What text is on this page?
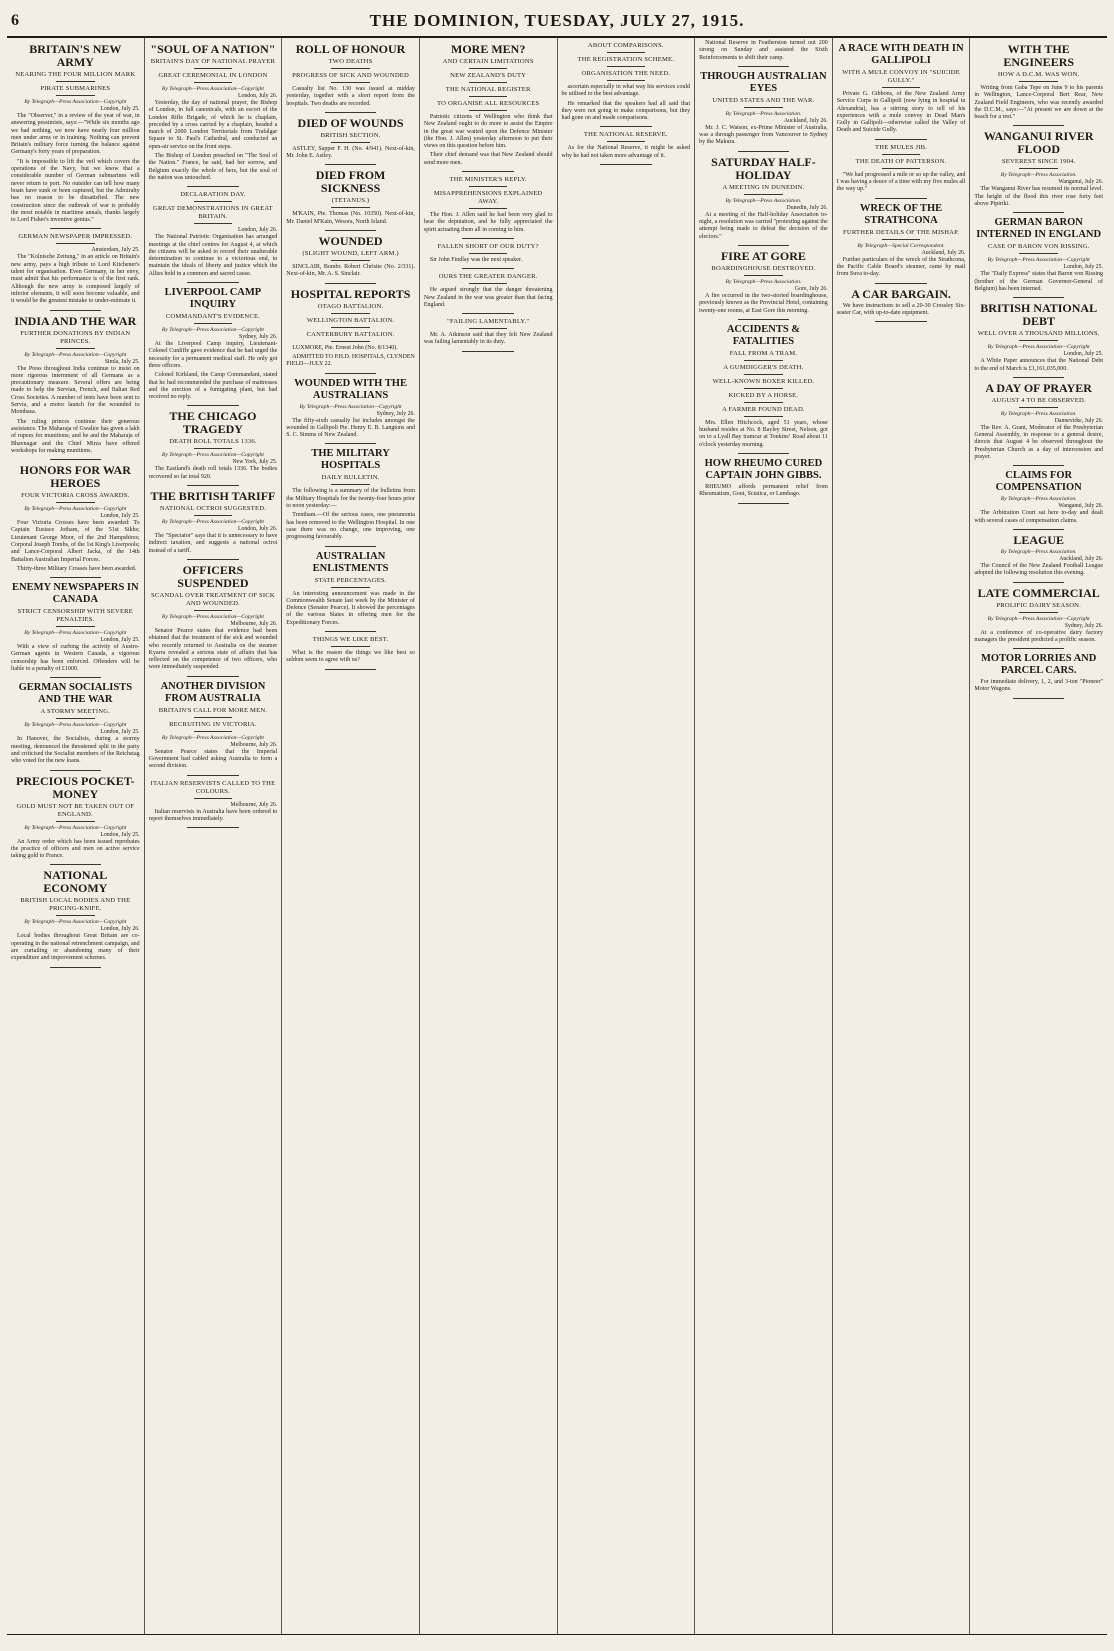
6	THE DOMINION, TUESDAY, JULY 27, 1915.
BRITAIN'S NEW ARMY
NEARING THE FOUR MILLION MARK
PIRATE SUBMARINES
By Telegraph—Press Association—Copyright
London, July 25.

The "Observer," in a review of the year of war, in answering pessimists, says:—"While six months ago we had nothing, we now have nearly four million men under arms or in training. Nothing can prevent Britain's military force turning the balance against Germany's forty years of preparation.

"It is impossible to lift the veil which covers the operations of the Navy, but we know that a considerable number of German submarines will never return to port. No outsider can tell how many boats have sunk or been captured, but the Admiralty has no reason to be dissatisfied. The new construction since the outbreak of war is probably the most notable in maritime annals, thanks largely to Lord Fisher's inventive genius."

GERMAN NEWSPAPER IMPRESSED.
Amsterdam, July 25.

The "Kolnische Zeitung," in an article on Britain's new army, pays a high tribute to Lord Kitchener's talent for organisation. Even Germany, in her envy, must admit that his performance is of the first rank. Although the new army is composed largely of inferior elements, it will soon become valuable, and it would be the greatest mistake to under-estimate it.

INDIA AND THE WAR
FURTHER DONATIONS BY INDIAN PRINCES.
By Telegraph—Press Association—Copyright
Simla, July 25.

The Press throughout India continue to insist on more rigorous internment of all Germans as a precautionary measure. Several offers are being made to help the Servian, French, and Italian Red Cross Societies. A number of tents have been sent to Servia, and a motor launch for the wounded to Mombasa.

The ruling princes continue their generous assistance. The Maharaja of Gwalior has given a lakh of rupees for munitions; and he and the Maharaja of Bhavnagar and the Chief Mirza have offered workshops for making munitions.

HONORS FOR WAR HEROES
FOUR VICTORIA CROSS AWARDS.
By Telegraph—Press Association—Copyright
London, July 25.

Four Victoria Crosses have been awarded: To Captain Eustace Jotham, of the 51st Sikhs; Lieutenant George Moor, of the 2nd Hampshires; Corporal Joseph Tombs, of the 1st King's Liverpools; and Lance-Corporal Albert Jacka, of the 14th Battalion Australian Imperial Forces.

Thirty-three Military Crosses have been awarded.

ENEMY NEWSPAPERS IN CANADA
STRICT CENSORSHIP WITH SEVERE PENALTIES.
By Telegraph—Press Association—Copyright
London, July 25.

With a view of curbing the activity of Austro-German agents in Western Canada, a vigorous censorship has been enforced. Offenders will be liable to a penalty of £1000.

GERMAN SOCIALISTS AND THE WAR
A STORMY MEETING.
By Telegraph—Press Association—Copyright
London, July 25.

In Hanover, the Socialists, during a stormy meeting, denounced the threatened split in the party and criticised the Socialist members of the Reichstag who voted for the new loans.

PRECIOUS POCKET-MONEY
GOLD MUST NOT BE TAKEN OUT OF ENGLAND.
By Telegraph—Press Association—Copyright
London, July 25.

An Army order which has been issued reprobates the practice of officers and men on active service taking gold to France.

NATIONAL ECONOMY
BRITISH LOCAL BODIES AND THE PRICING-KNIFE.
By Telegraph—Press Association—Copyright
London, July 26.

Local bodies throughout Great Britain are co-operating in the national retrenchment campaign, and are curtailing or abandoning many of their expenditure and improvement schemes.

"SOUL OF A NATION"
BRITAIN'S DAY OF NATIONAL PRAYER
GREAT CEREMONIAL IN LONDON
By Telegraph—Press Association—Copyright
London, July 26.

Yesterday, the day of national prayer, the Bishop of London, in full canonicals, with an escort of the London Rifle Brigade, of which he is chaplain, preceded by a cross carried by a chaplain, headed a march of 2000 London Territorials from Trafalgar Square to St. Paul's Cathedral, and conducted an open-air service on the front steps.

The Bishop of London preached on "The Soul of the Nation." France, he said, had her sorrow, and Belgium exactly the whole of hers, but the soul of the nation was untouched.

DECLARATION DAY.
GREAT DEMONSTRATIONS IN GREAT BRITAIN.
London, July 26.

The National Patriotic Organisation has arranged meetings at the chief centres for August 4, at which the citizens will be asked to record their unalterable determination to continue to a victorious end, to maintain the ideals of liberty and justice which the Allies hold in a common and sacred cause.

LIVERPOOL CAMP INQUIRY
COMMANDANT'S EVIDENCE.
By Telegraph—Press Association—Copyright
Sydney, July 26.

At the Liverpool Camp inquiry, Lieutenant-Colonel Cunliffe gave evidence that he had urged the necessity for a permanent medical staff. He only got three officers.

Colonel Kirkland, the Camp Commandant, stated that he had recommended the purchase of mattresses and the erection of a fumigating plant, but had received no reply.

THE CHICAGO TRAGEDY
DEATH ROLL TOTALS 1336.
By Telegraph—Press Association—Copyright
New York, July 25.

The Eastland's death roll totals 1336. The bodies recovered so far total 920.

THE BRITISH TARIFF
NATIONAL OCTROI SUGGESTED.
By Telegraph—Press Association—Copyright
London, July 26.

The "Spectator" says that it is unnecessary to have indirect taxation, and suggests a national octroi instead of a tariff.

OFFICERS SUSPENDED
SCANDAL OVER TREATMENT OF SICK AND WOUNDED.
By Telegraph—Press Association—Copyright
Melbourne, July 26.

Senator Pearce states that evidence had been obtained that the treatment of the sick and wounded who recently returned to Australia on the steamer Kyarra revealed a serious state of affairs that has reflected on the competence of two officers, who were immediately suspended.

ANOTHER DIVISION FROM AUSTRALIA
BRITAIN'S CALL FOR MORE MEN.
RECRUITING IN VICTORIA.
By Telegraph—Press Association—Copyright
Melbourne, July 26.

Senator Pearce states that the Imperial Government had cabled asking Australia to form a second division.

ITALIAN RESERVISTS CALLED TO THE COLOURS.
Melbourne, July 26.

Italian reservists in Australia have been ordered to report themselves immediately.

ROLL OF HONOUR
TWO DEATHS
PROGRESS OF SICK AND WOUNDED

Casualty list No. 130 was issued at midday yesterday, together with a short report from the hospitals. Two deaths are recorded.

DIED OF WOUNDS
BRITISH SECTION.

ASTLEY, Sapper F. H. (No. 4/941). Next-of-kin, Mr. John E. Astley.

DIED FROM SICKNESS
(TETANUS.)

M'KAIN, Pte. Thomas (No. 10350). Next-of-kin, Mr. Daniel M'Kain, Wesora, North Island.

WOUNDED
(SLIGHT WOUND, LEFT ARM.)

SINCLAIR, Bombr. Robert Christie (No. 2/331). Next-of-kin, Mr. A. S. Sinclair.

HOSPITAL REPORTS
OTAGO BATTALION.
WELLINGTON BATTALION.
CANTERBURY BATTALION.

LUXMORE, Pte. Ernest John (No. 8/1340).

ADMITTED TO P.H.D. HOSPITALS, CLYNDEN FIELD—JULY 22.

WOUNDED WITH THE AUSTRALIANS
By Telegraph—Press Association—Copyright
Sydney, July 26.

The fifty-sixth casualty list includes amongst the wounded in Gallipoli Pte. Henry E. B. Langtons and S. C. Simms of New Zealand.

THE MILITARY HOSPITALS
DAILY BULLETIN.

The following is a summary of the bulletins from the Military Hospitals for the twenty-four hours prior to noon yesterday:—

Trentham.—Of the serious cases, one pneumonia has been removed to the Wellington Hospital. In one case there was no change, one improving, one progressing favourably.

AUSTRALIAN ENLISTMENTS
STATE PERCENTAGES.

An interesting announcement was made in the Commonwealth Senate last week by the Minister of Defence (Senator Pearce). It showed the percentages of the various States in offering men for the Expeditionary Forces.

THINGS WE LIKE BEST.

What is the reason the things we like best so seldom seem to agree with us?

MORE MEN?
AND CERTAIN LIMITATIONS
NEW ZEALAND'S DUTY
THE NATIONAL REGISTER
TO ORGANISE ALL RESOURCES

Patriotic citizens of Wellington who think that New Zealand ought to do more to assist the Empire in the great war waited upon the Defence Minister (the Hon. J. Allen) yesterday afternoon to put their views on this question before him.

Their chief demand was that New Zealand should send more men.

THE MINISTER'S REPLY.
MISAPPREHENSIONS EXPLAINED AWAY.

The Hon. J. Allen said he had been very glad to hear the deputation, and he fully appreciated the spirit actuating them all in coming to him.

FALLEN SHORT OF OUR DUTY?

Sir John Findlay was the next speaker.

OURS THE GREATER DANGER.

He argued strongly that the danger threatening New Zealand in the war was greater than that facing England.

"FAILING LAMENTABLY."

Mr. A. Atkinson said that they felt New Zealand was failing lamentably in its duty.

ABOUT COMPARISONS.
THE REGISTRATION SCHEME.
ORGANISATION THE NEED.

ascertain especially in what way his services could be utilised to the best advantage.

He remarked that the speakers had all said that they were not going to make comparisons, but they had gone on and made comparisons.

THE NATIONAL RESERVE.

As for the National Reserve, it might be asked why he had not taken more advantage of it.

National Reserve in Featherston turned out 200 strong on Sunday and assisted the Sixth Reinforcements to shift their camp.

THROUGH AUSTRALIAN EYES
UNITED STATES AND THE WAR.
By Telegraph—Press Association.
Auckland, July 26.

Mr. J. C. Watson, ex-Prime Minister of Australia, was a through passenger from Vancouver to Sydney by the Makura.

SATURDAY HALF-HOLIDAY
A MEETING IN DUNEDIN.
By Telegraph—Press Association.
Dunedin, July 26.

At a meeting of the Half-holiday Association to-night, a resolution was carried "protesting against the attempt being made to defeat the decision of the electors."

FIRE AT GORE
BOARDINGHOUSE DESTROYED.
By Telegraph—Press Association.
Gore, July 26.

A fire occurred in the two-storied boardinghouse, previously known as the Provincial Hotel, containing twenty-one rooms, at East Gore this morning.

ACCIDENTS & FATALITIES
FALL FROM A TRAM.
A GUMDIGGER'S DEATH.
WELL-KNOWN BOXER KILLED.
KICKED BY A HORSE.
A FARMER FOUND DEAD.

Mrs. Ellen Hitchcock, aged 51 years, whose husband resides at No. 8 Bayley Street, Nelson, got on to a Lyall Bay tramcar at Tonkinsʼ Road about 11 o'clock yesterday morning.

HOW RHEUMO CURED CAPTAIN JOHN GIBBS.

RHEUMO affords permanent relief from Rheumatism, Gout, Sciatica, or Lumbago.

A RACE WITH DEATH IN GALLIPOLI
WITH A MULE CONVOY IN "SUICIDE GULLY."

Private G. Gibbons, of the New Zealand Army Service Corps in Gallipoli (now lying in hospital in Alexandria), has a stirring story to tell of his experiences with a mule convoy in Dead Man's Gully in Gallipoli—otherwise called the Valley of Death and Suicide Gully.

THE MULES JIB.
THE DEATH OF PATTERSON.

"We had progressed a mile or so up the valley, and I was having a deuce of a time with my five mules all the way up."

WRECK OF THE STRATHCONA
FURTHER DETAILS OF THE MISHAP.
By Telegraph—Special Correspondent.
Auckland, July 26.

Further particulars of the wreck of the Strathcona, the Pacific Cable Board's steamer, came by mail from Suva to-day.

A CAR BARGAIN.

We have instructions to sell a 20-30 Crossley Six-seater Car, with up-to-date equipment.

WITH THE ENGINEERS
HOW A D.C.M. WAS WON.

Writing from Gaba Tepe on June 9 to his parents in Wellington, Lance-Corporal Bert Rear, New Zealand Field Engineers, who was recently awarded the D.C.M., says:—"At present we are down at the beach for a rest."

WANGANUI RIVER FLOOD
SEVEREST SINCE 1904.
By Telegraph—Press Association.
Wanganui, July 26.

The Wanganui River has resumed its normal level. The height of the flood this river rose forty feet above Pipiriki.

GERMAN BARON INTERNED IN ENGLAND
CASE OF BARON VON RISSING.
By Telegraph—Press Association—Copyright
London, July 25.

The "Daily Express" states that Baron von Rissing (brother of the German Governor-General of Belgium) has been interned.

BRITISH NATIONAL DEBT
WELL OVER A THOUSAND MILLIONS.
By Telegraph—Press Association—Copyright
London, July 25.

A White Paper announces that the National Debt to the end of March is £1,161,035,000.

A DAY OF PRAYER
AUGUST 4 TO BE OBSERVED.
By Telegraph—Press Association.
Dannevirke, July 26.

The Rev. A. Grant, Moderator of the Presbyterian General Assembly, in response to a general desire, directs that August 4 be observed throughout the Presbyterian Church as a day of intercession and prayer.

CLAIMS FOR COMPENSATION
By Telegraph—Press Association.
Wanganui, July 26.

The Arbitration Court sat here to-day and dealt with several cases of compensation claims.

LEAGUE
By Telegraph—Press Association.
Auckland, July 26.

The Council of the New Zealand Football League adopted the following resolution this evening.

LATE COMMERCIAL
PROLIFIC DAIRY SEASON.
By Telegraph—Press Association—Copyright
Sydney, July 26.

At a conference of co-operative dairy factory managers the president predicted a prolific season.

MOTOR LORRIES AND PARCEL CARS.

For immediate delivery, 1, 2, and 3-ton "Pioneer" Motor Wagons.
